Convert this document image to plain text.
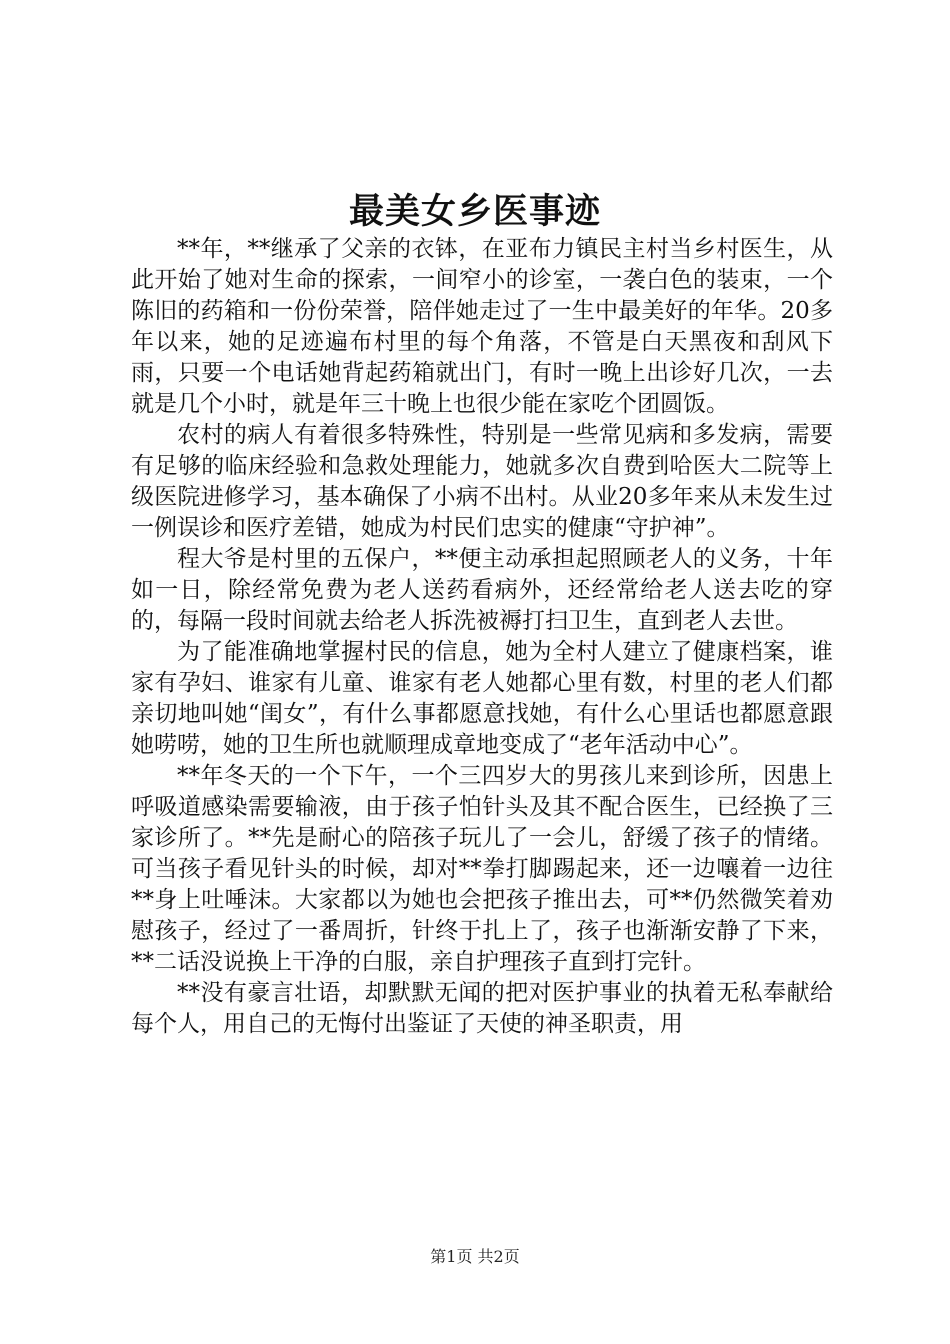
最美女乡医事迹

**年，**继承了父亲的衣钵，在亚布力镇民主村当乡村医生，从此开始了她对生命的探索，一间窄小的诊室，一袭白色的装束，一个陈旧的药箱和一份份荣誉，陪伴她走过了一生中最美好的年华。20多年以来，她的足迹遍布村里的每个角落，不管是白天黑夜和刮风下雨，只要一个电话她背起药箱就出门，有时一晚上出诊好几次，一去就是几个小时，就是年三十晚上也很少能在家吃个团圆饭。

农村的病人有着很多特殊性，特别是一些常见病和多发病，需要有足够的临床经验和急救处理能力，她就多次自费到哈医大二院等上级医院进修学习，基本确保了小病不出村。从业20多年来从未发生过一例误诊和医疗差错，她成为村民们忠实的健康“守护神”。

程大爷是村里的五保户，**便主动承担起照顾老人的义务，十年如一日，除经常免费为老人送药看病外，还经常给老人送去吃的穿的，每隔一段时间就去给老人拆洗被褥打扫卫生，直到老人去世。

为了能准确地掌握村民的信息，她为全村人建立了健康档案，谁家有孕妇、谁家有儿童、谁家有老人她都心里有数，村里的老人们都亲切地叫她“闺女”，有什么事都愿意找她，有什么心里话也都愿意跟她唠唠，她的卫生所也就顺理成章地变成了“老年活动中心”。

**年冬天的一个下午，一个三四岁大的男孩儿来到诊所，因患上呼吸道感染需要输液，由于孩子怕针头及其不配合医生，已经换了三家诊所了。**先是耐心的陪孩子玩儿了一会儿，舒缓了孩子的情绪。可当孩子看见针头的时候，却对**拳打脚踢起来，还一边嚷着一边往**身上吐唾沫。大家都以为她也会把孩子推出去，可**仍然微笑着劝慰孩子，经过了一番周折，针终于扎上了，孩子也渐渐安静了下来，**二话没说换上干净的白服，亲自护理孩子直到打完针。

**没有豪言壮语，却默默无闻的把对医护事业的执着无私奉献给每个人，用自己的无悔付出鉴证了天使的神圣职责，用

第1页 共2页
